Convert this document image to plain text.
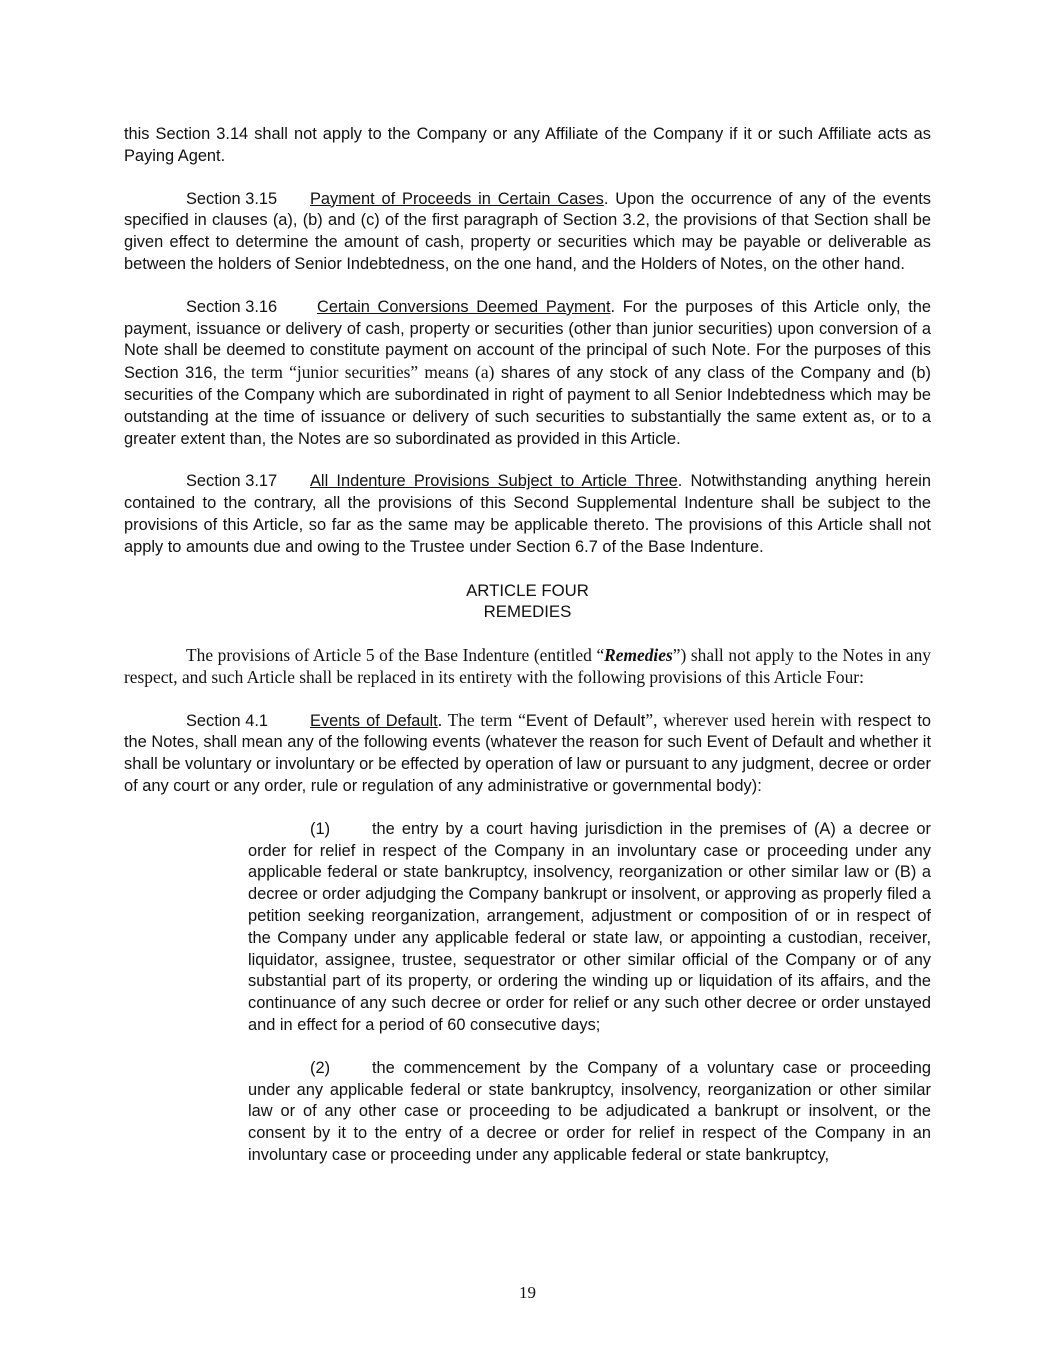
this Section 3.14 shall not apply to the Company or any Affiliate of the Company if it or such Affiliate acts as Paying Agent.

Section 3.15 Payment of Proceeds in Certain Cases. Upon the occurrence of any of the events specified in clauses (a), (b) and (c) of the first paragraph of Section 3.2, the provisions of that Section shall be given effect to determine the amount of cash, property or securities which may be payable or deliverable as between the holders of Senior Indebtedness, on the one hand, and the Holders of Notes, on the other hand.

Section 3.16 Certain Conversions Deemed Payment. For the purposes of this Article only, the payment, issuance or delivery of cash, property or securities (other than junior securities) upon conversion of a Note shall be deemed to constitute payment on account of the principal of such Note. For the purposes of this Section 316, the term “junior securities” means (a) shares of any stock of any class of the Company and (b) securities of the Company which are subordinated in right of payment to all Senior Indebtedness which may be outstanding at the time of issuance or delivery of such securities to substantially the same extent as, or to a greater extent than, the Notes are so subordinated as provided in this Article.

Section 3.17 All Indenture Provisions Subject to Article Three. Notwithstanding anything herein contained to the contrary, all the provisions of this Second Supplemental Indenture shall be subject to the provisions of this Article, so far as the same may be applicable thereto. The provisions of this Article shall not apply to amounts due and owing to the Trustee under Section 6.7 of the Base Indenture.

ARTICLE FOUR
REMEDIES

The provisions of Article 5 of the Base Indenture (entitled “Remedies”) shall not apply to the Notes in any respect, and such Article shall be replaced in its entirety with the following provisions of this Article Four:

Section 4.1	Events of Default. The term “Event of Default”, wherever used herein with respect to the Notes, shall mean any of the following events (whatever the reason for such Event of Default and whether it shall be voluntary or involuntary or be effected by operation of law or pursuant to any judgment, decree or order of any court or any order, rule or regulation of any administrative or governmental body):

(1)	the entry by a court having jurisdiction in the premises of (A) a decree or order for relief in respect of the Company in an involuntary case or proceeding under any applicable federal or state bankruptcy, insolvency, reorganization or other similar law or (B) a decree or order adjudging the Company bankrupt or insolvent, or approving as properly filed a petition seeking reorganization, arrangement, adjustment or composition of or in respect of the Company under any applicable federal or state law, or appointing a custodian, receiver, liquidator, assignee, trustee, sequestrator or other similar official of the Company or of any substantial part of its property, or ordering the winding up or liquidation of its affairs, and the continuance of any such decree or order for relief or any such other decree or order unstayed and in effect for a period of 60 consecutive days;

(2)	the commencement by the Company of a voluntary case or proceeding under any applicable federal or state bankruptcy, insolvency, reorganization or other similar law or of any other case or proceeding to be adjudicated a bankrupt or insolvent, or the consent by it to the entry of a decree or order for relief in respect of the Company in an involuntary case or proceeding under any applicable federal or state bankruptcy,

19
